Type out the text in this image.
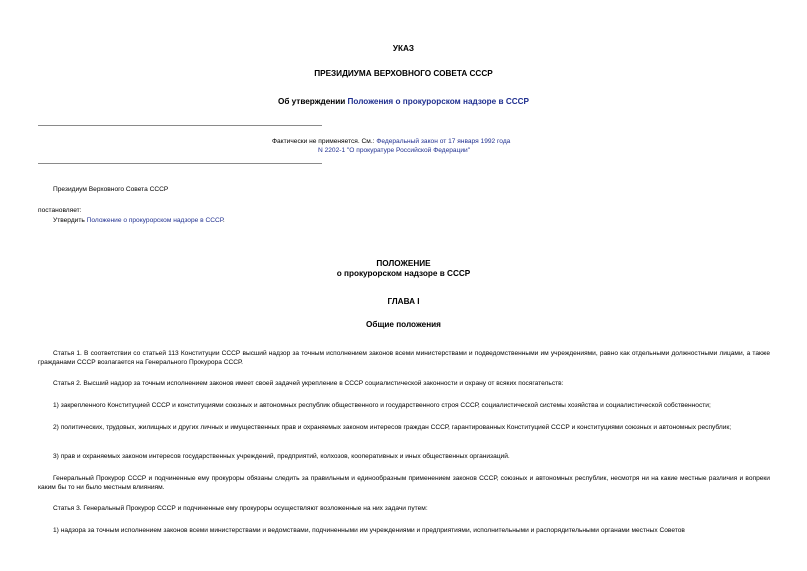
УКАЗ
ПРЕЗИДИУМА ВЕРХОВНОГО СОВЕТА СССР
Об утверждении Положения о прокурорском надзоре в СССР
Фактически не применяется. См.: Федеральный закон от 17 января 1992 года
N 2202-1 "О прокуратуре Российской Федерации"
Президиум Верховного Совета СССР
постановляет:
Утвердить Положение о прокурорском надзоре в СССР.
ПОЛОЖЕНИЕ
о прокурорском надзоре в СССР
ГЛАВА I
Общие положения
Статья 1. В соответствии со статьей 113 Конституции СССР высший надзор за точным исполнением законов всеми министерствами и подведомственными им учреждениями, равно как отдельными должностными лицами, а также гражданами СССР возлагается на Генерального Прокурора СССР.
Статья 2. Высший надзор за точным исполнением законов имеет своей задачей укрепление в СССР социалистической законности и охрану от всяких посягательств:
1) закрепленного Конституцией СССР и конституциями союзных и автономных республик общественного и государственного строя СССР, социалистической системы хозяйства и социалистической собственности;
2) политических, трудовых, жилищных и других личных и имущественных прав и охраняемых законом интересов граждан СССР, гарантированных Конституцией СССР и конституциями союзных и автономных республик;
3) прав и охраняемых законом интересов государственных учреждений, предприятий, колхозов, кооперативных и иных общественных организаций.
Генеральный Прокурор СССР и подчиненные ему прокуроры обязаны следить за правильным и единообразным применением законов СССР, союзных и автономных республик, несмотря ни на какие местные различия и вопреки каким бы то ни было местным влияниям.
Статья 3. Генеральный Прокурор СССР и подчиненные ему прокуроры осуществляют возложенные на них задачи путем:
1) надзора за точным исполнением законов всеми министерствами и ведомствами, подчиненными им учреждениями и предприятиями, исполнительными и распорядительными органами местных Советов
